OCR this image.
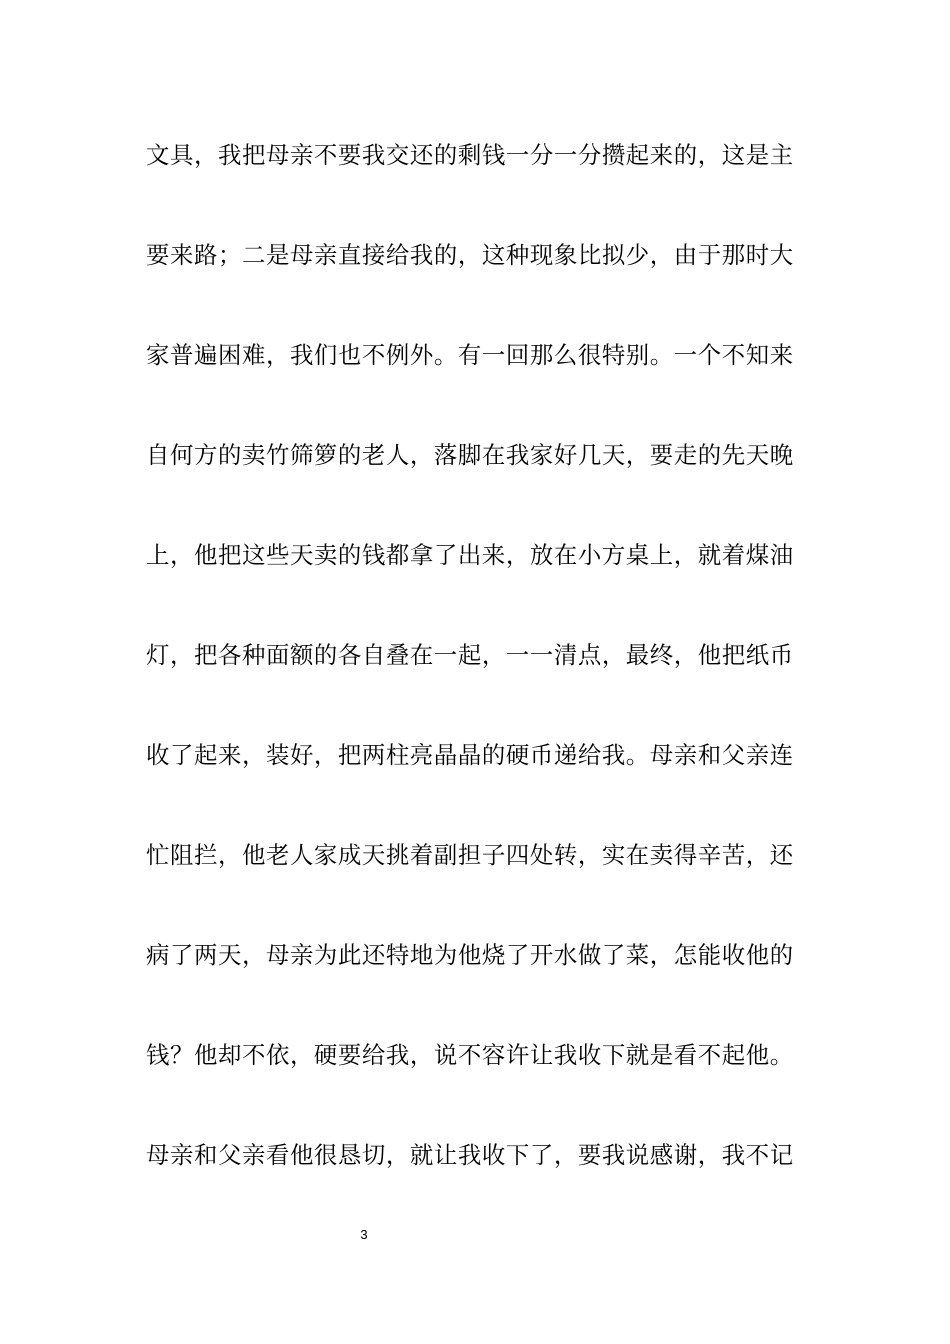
文具，我把母亲不要我交还的剩钱一分一分攒起来的，这是主
要来路；二是母亲直接给我的，这种现象比拟少，由于那时大
家普遍困难，我们也不例外。有一回那么很特别。一个不知来
自何方的卖竹筛箩的老人，落脚在我家好几天，要走的先天晚
上，他把这些天卖的钱都拿了出来，放在小方桌上，就着煤油
灯，把各种面额的各自叠在一起，一一清点，最终，他把纸币
收了起来，装好，把两柱亮晶晶的硬币递给我。母亲和父亲连
忙阻拦，他老人家成天挑着副担子四处转，实在卖得辛苦，还
病了两天，母亲为此还特地为他烧了开水做了菜，怎能收他的
钱？他却不依，硬要给我，说不容许让我收下就是看不起他。
母亲和父亲看他很恳切，就让我收下了，要我说感谢，我不记
3
